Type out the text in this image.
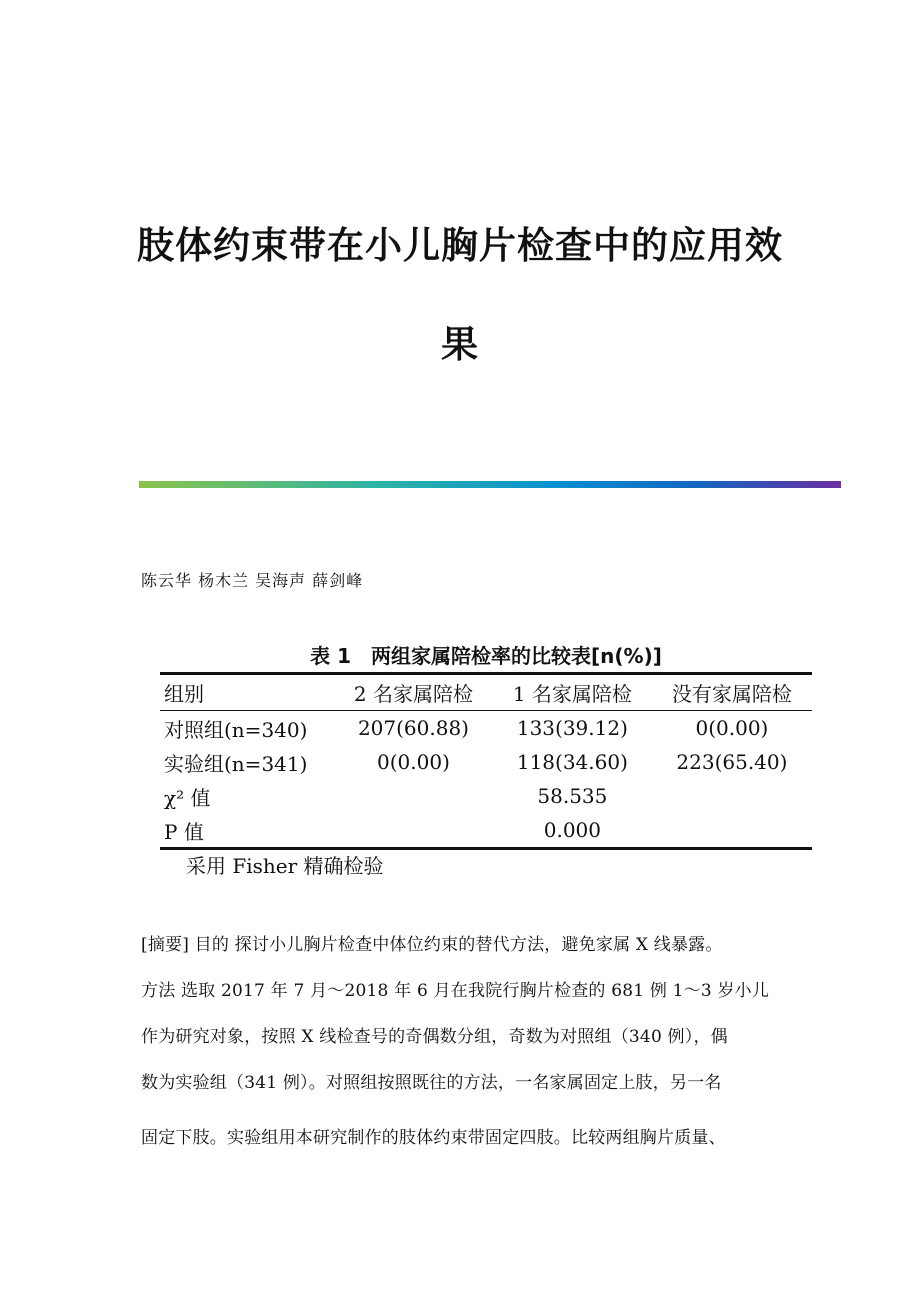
肢体约束带在小儿胸片检查中的应用效
果

陈云华 杨木兰 吴海声 薛剑峰

表 1　两组家属陪检率的比较表[n(%)]

组别	2 名家属陪检	1 名家属陪检	没有家属陪检
对照组(n=340)	207(60.88)	133(39.12)	0(0.00)
实验组(n=341)	0(0.00)	118(34.60)	223(65.40)
χ² 值		58.535	
P 值		0.000	

采用 Fisher 精确检验

[摘要] 目的 探讨小儿胸片检查中体位约束的替代方法，避免家属 X 线暴露。

方法 选取 2017 年 7 月～2018 年 6 月在我院行胸片检查的 681 例 1～3 岁小儿

作为研究对象，按照 X 线检查号的奇偶数分组，奇数为对照组（340 例），偶

数为实验组（341 例）。对照组按照既往的方法，一名家属固定上肢，另一名

固定下肢。实验组用本研究制作的肢体约束带固定四肢。比较两组胸片质量、
